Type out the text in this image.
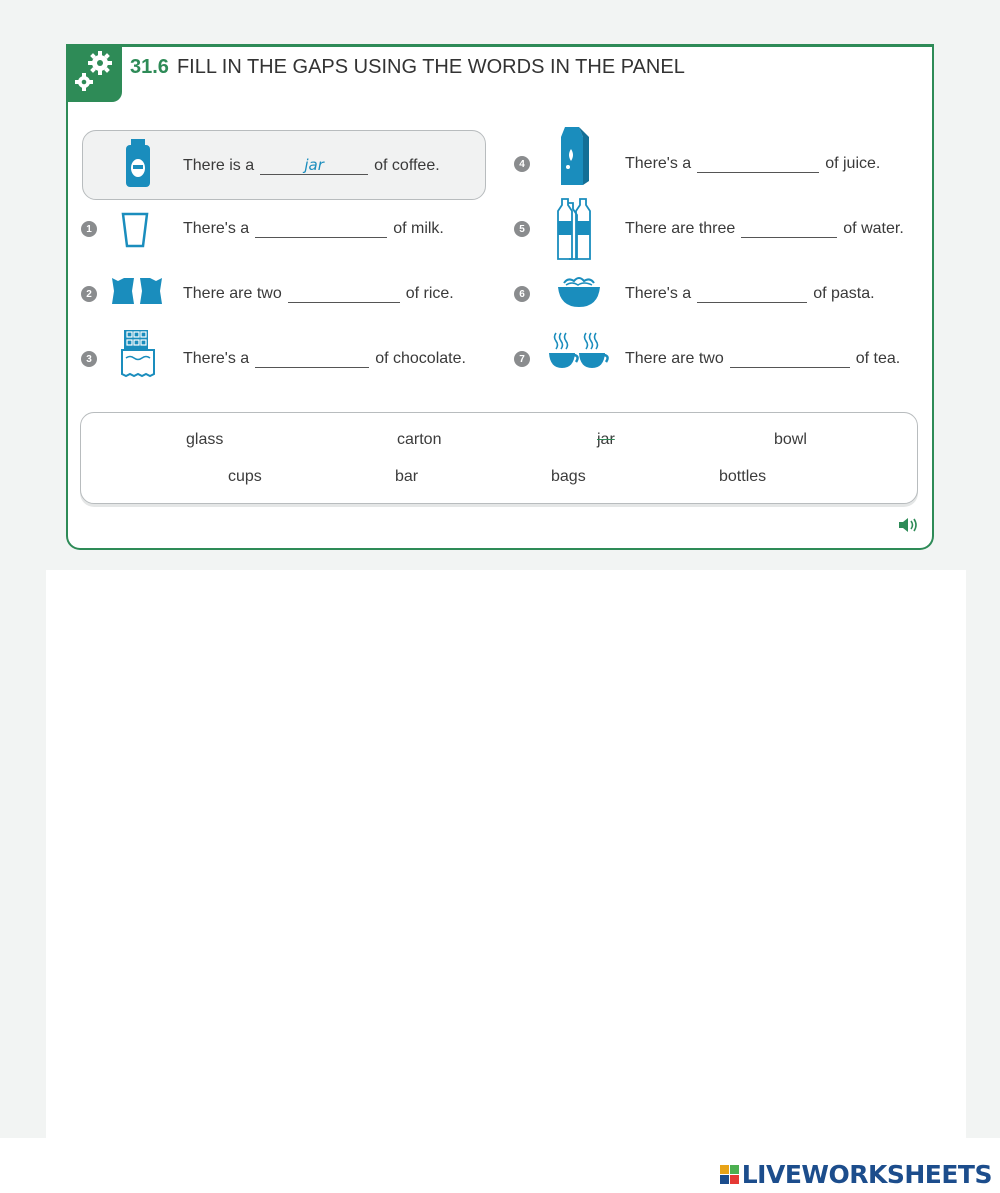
31.6 FILL IN THE GAPS USING THE WORDS IN THE PANEL
There is a	jar	of coffee.
1	There's a	of milk.
2	There are two	of rice.
3	There's a	of chocolate.
4	There's a	of juice.
5	There are three	of water.
6	There's a	of pasta.
7	There are two	of tea.
glass	carton	jar	bowl
cups	bar	bags	bottles
LIVEWORKSHEETS
